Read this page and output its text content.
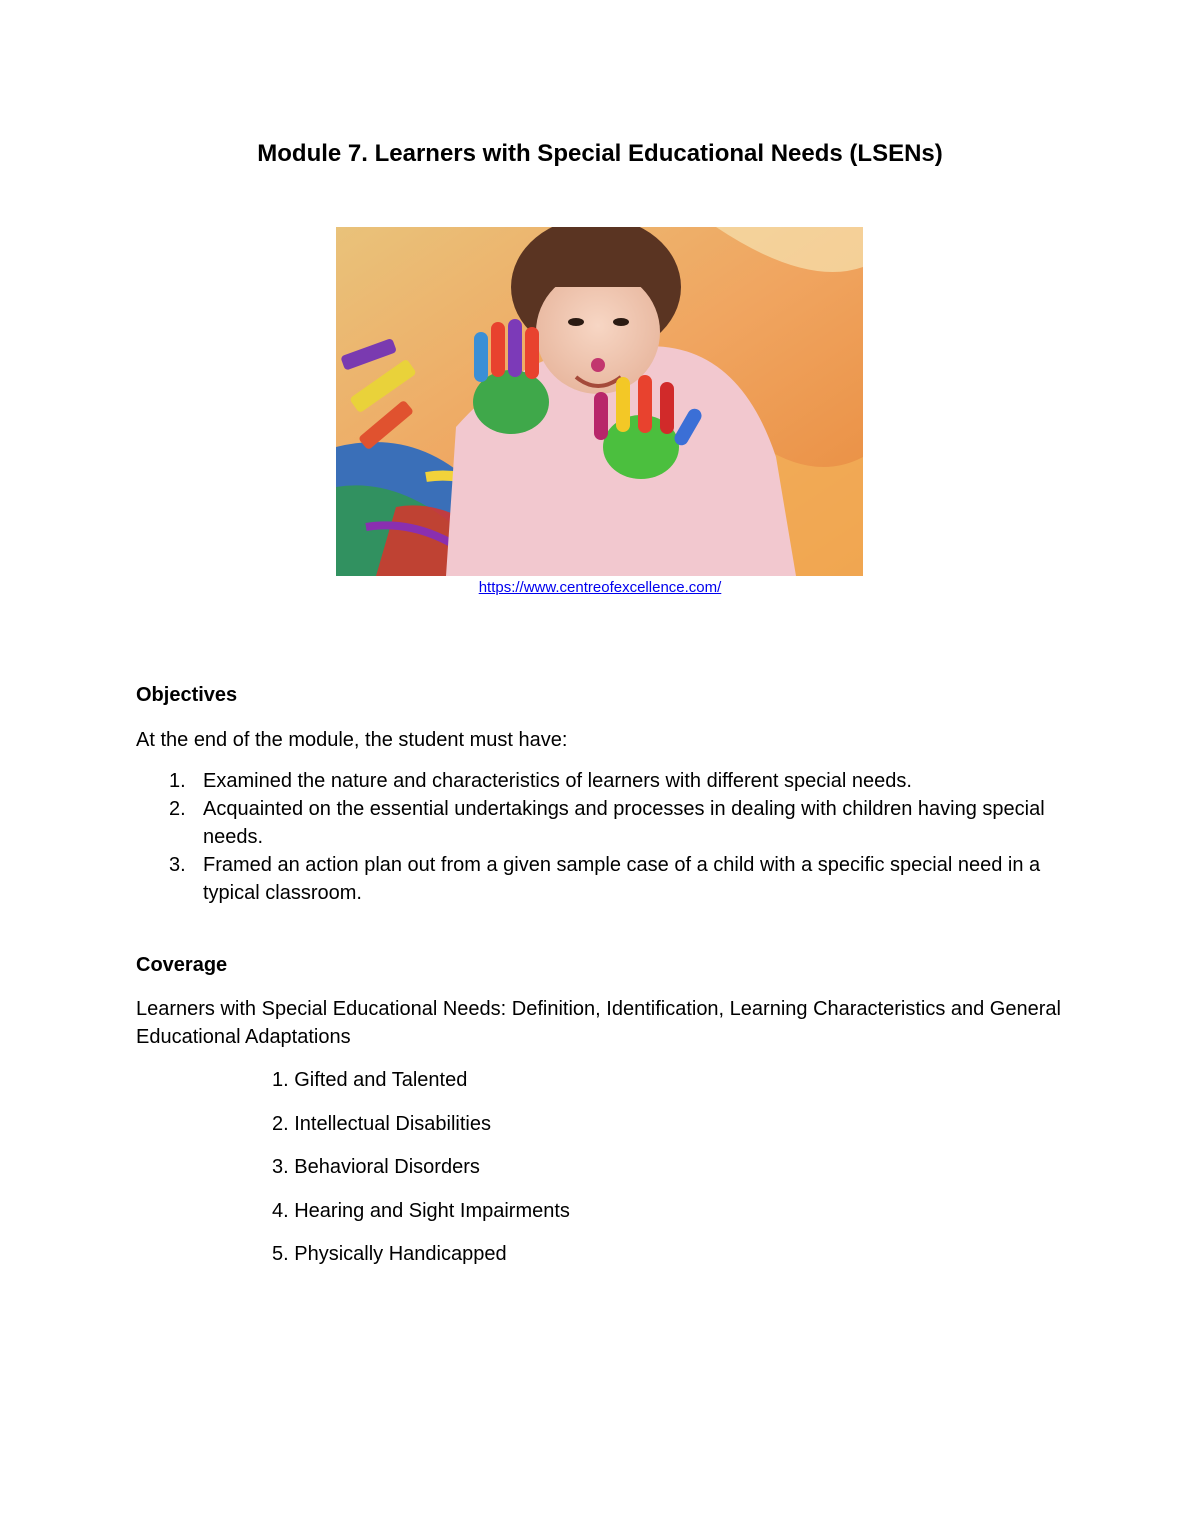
Module 7. Learners with Special Educational Needs (LSENs)
https://www.centreofexcellence.com/
Objectives
At the end of the module, the student must have:
1. Examined the nature and characteristics of learners with different special needs.
2. Acquainted on the essential undertakings and processes in dealing with children having special needs.
3. Framed an action plan out from a given sample case of a child with a specific special need in a typical classroom.
Coverage
Learners with Special Educational Needs: Definition, Identification, Learning Characteristics and General Educational Adaptations
1. Gifted and Talented
2. Intellectual Disabilities
3. Behavioral Disorders
4. Hearing and Sight Impairments
5. Physically Handicapped
